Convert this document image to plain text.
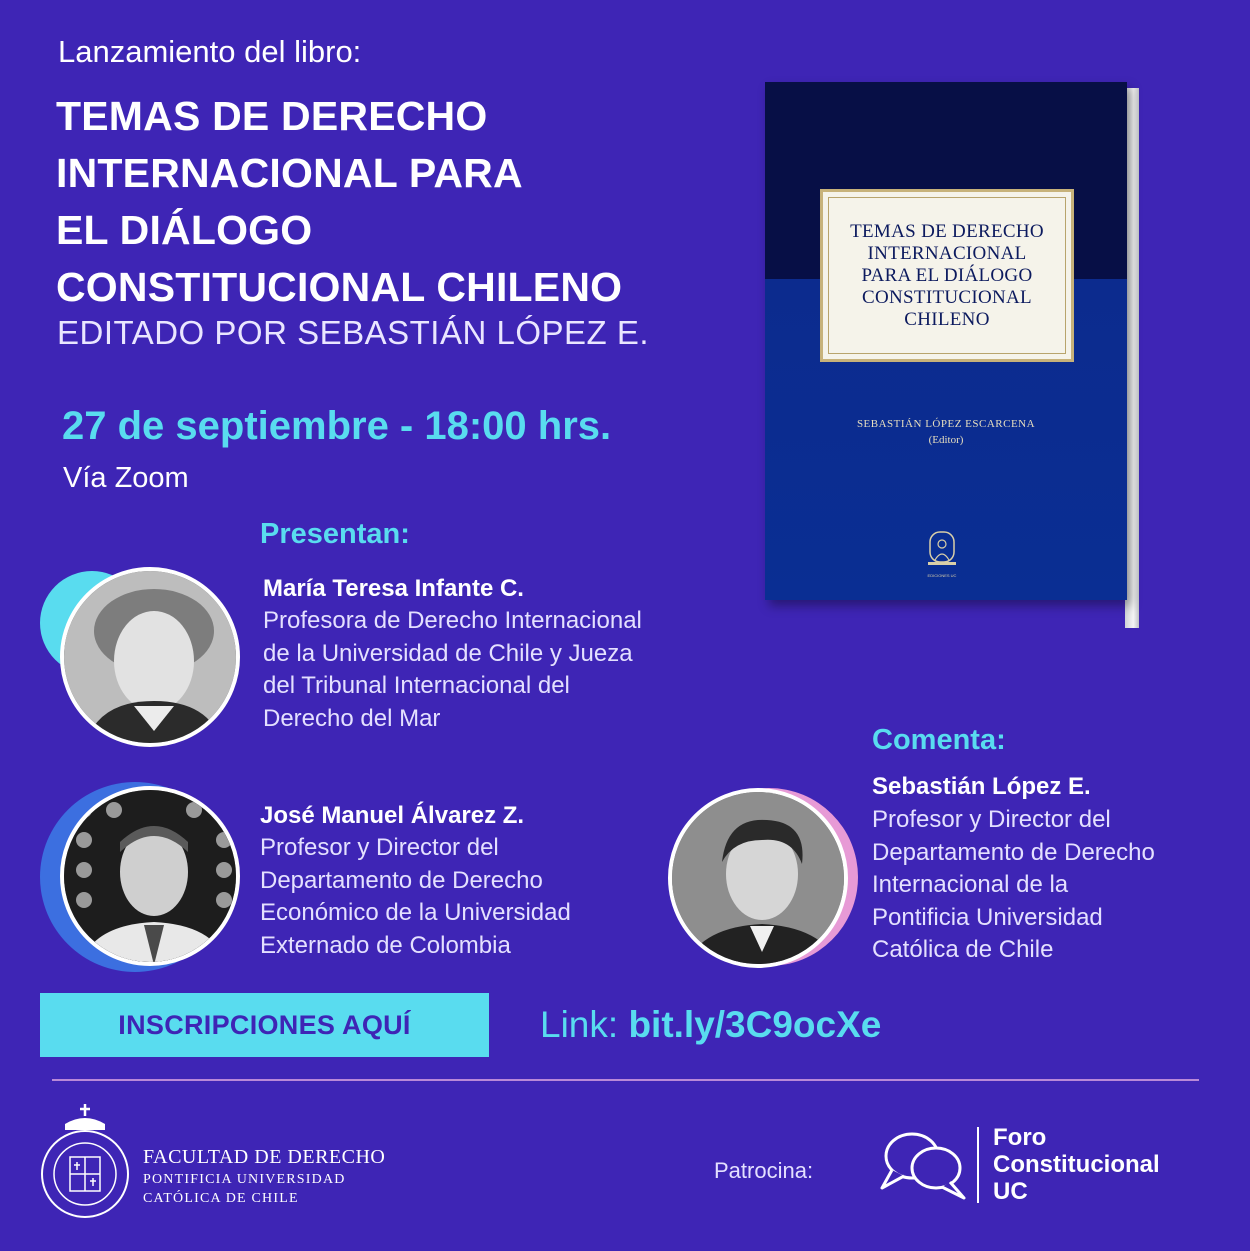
Lanzamiento del libro:
TEMAS DE DERECHO
INTERNACIONAL PARA
EL DIÁLOGO
CONSTITUCIONAL CHILENO
EDITADO POR SEBASTIÁN LÓPEZ E.
27 de septiembre - 18:00 hrs.
Vía Zoom
TEMAS DE DERECHO
INTERNACIONAL
PARA EL DIÁLOGO
CONSTITUCIONAL
CHILENO
SEBASTIÁN LÓPEZ ESCARCENA
(Editor)
EDICIONES UC
Presentan:
María Teresa Infante C.
Profesora de Derecho Internacional
de la Universidad de Chile y Jueza
del Tribunal Internacional del
Derecho del Mar
José Manuel Álvarez Z.
Profesor y Director del
Departamento de Derecho
Económico de la Universidad
Externado de Colombia
Comenta:
Sebastián López E.
Profesor y Director del
Departamento de Derecho
Internacional de la
Pontificia Universidad
Católica de Chile
INSCRIPCIONES AQUÍ	Link: bit.ly/3C9ocXe
FACULTAD DE DERECHO
PONTIFICIA UNIVERSIDAD
CATÓLICA DE CHILE
Patrocina:
Foro
Constitucional
UC
